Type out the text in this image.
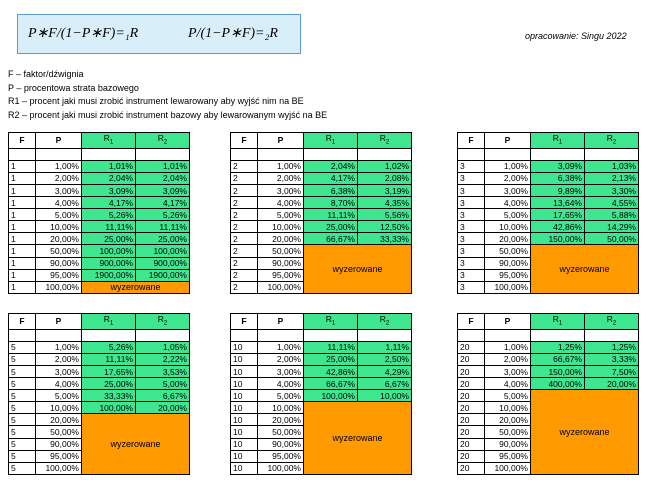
P∗F/(1−P∗F)=₁R	P/(1−P∗F)=₂R	opracowanie: Singu 2022
F – faktor/dźwignia
P – procentowa strata bazowego
R1 – procent jaki musi zrobić instrument lewarowany aby wyjść nim na BE
R2 – procent jaki musi zrobić instrument bazowy aby lewarowanym wyjść na BE
F	P	$R_1$	$R_2$

1	1,00%	1,01%	1,01%
1	2,00%	2,04%	2,04%
1	3,00%	3,09%	3,09%
1	4,00%	4,17%	4,17%
1	5,00%	5,26%	5,26%
1	10,00%	11,11%	11,11%
1	20,00%	25,00%	25,00%
1	50,00%	100,00%	100,00%
1	90,00%	900,00%	900,00%
1	95,00%	1900,00%	1900,00%
1	100,00%	wyzerowane	
F	P	$R_1$	$R_2$

2	1,00%	2,04%	1,02%
2	2,00%	4,17%	2,08%
2	3,00%	6,38%	3,19%
2	4,00%	8,70%	4,35%
2	5,00%	11,11%	5,56%
2	10,00%	25,00%	12,50%
2	20,00%	66,67%	33,33%
2	50,00%	wyzerowane	
2	90,00%		
2	95,00%		
2	100,00%		
F	P	$R_1$	$R_2$

3	1,00%	3,09%	1,03%
3	2,00%	6,38%	2,13%
3	3,00%	9,89%	3,30%
3	4,00%	13,64%	4,55%
3	5,00%	17,65%	5,88%
3	10,00%	42,86%	14,29%
3	20,00%	150,00%	50,00%
3	50,00%	wyzerowane	
3	90,00%		
3	95,00%		
3	100,00%		
F	P	$R_1$	$R_2$

5	1,00%	5,26%	1,05%
5	2,00%	11,11%	2,22%
5	3,00%	17,65%	3,53%
5	4,00%	25,00%	5,00%
5	5,00%	33,33%	6,67%
5	10,00%	100,00%	20,00%
5	20,00%	wyzerowane	
5	50,00%		
5	90,00%		
5	95,00%		
5	100,00%		
F	P	$R_1$	$R_2$

10	1,00%	11,11%	1,11%
10	2,00%	25,00%	2,50%
10	3,00%	42,86%	4,29%
10	4,00%	66,67%	6,67%
10	5,00%	100,00%	10,00%
10	10,00%	wyzerowane	
10	20,00%		
10	50,00%		
10	90,00%		
10	95,00%		
10	100,00%		
F	P	$R_1$	$R_2$

20	1,00%	1,25%	1,25%
20	2,00%	66,67%	3,33%
20	3,00%	150,00%	7,50%
20	4,00%	400,00%	20,00%
20	5,00%	wyzerowane	
20	10,00%		
20	20,00%		
20	50,00%		
20	90,00%		
20	95,00%		
20	100,00%		
